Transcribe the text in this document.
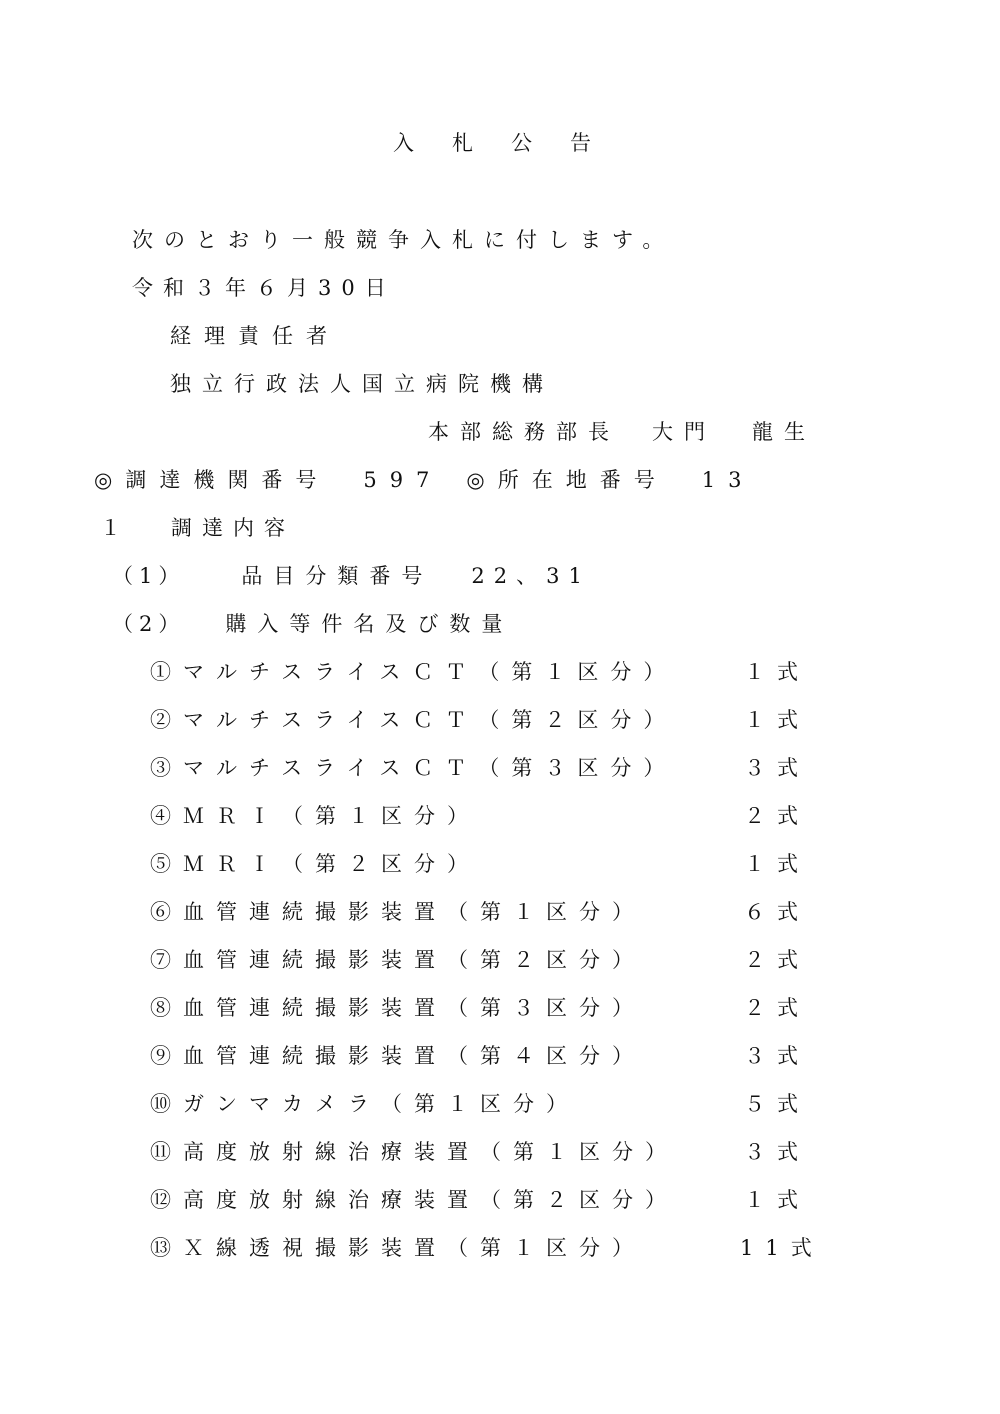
入札公告
次のとおり一般競争入札に付します。
令和３年６月30日
経理責任者
独立行政法人国立病院機構
本部総務部長 大門 龍生
◎調達機関番号 597 ◎所在地番号 13
１ 調達内容
（1）	品目分類番号 22、31
（2） 購入等件名及び数量
①マルチスライスＣＴ（第１区分）	１式
②マルチスライスＣＴ（第２区分）	１式
③マルチスライスＣＴ（第３区分）	３式
④ＭＲＩ（第１区分）	２式
⑤ＭＲＩ（第２区分）	１式
⑥血管連続撮影装置（第１区分）	６式
⑦血管連続撮影装置（第２区分）	２式
⑧血管連続撮影装置（第３区分）	２式
⑨血管連続撮影装置（第４区分）	３式
⑩ガンマカメラ（第１区分）	５式
⑪高度放射線治療装置（第１区分）	３式
⑫高度放射線治療装置（第２区分）	１式
⑬Ｘ線透視撮影装置（第１区分）	11式
